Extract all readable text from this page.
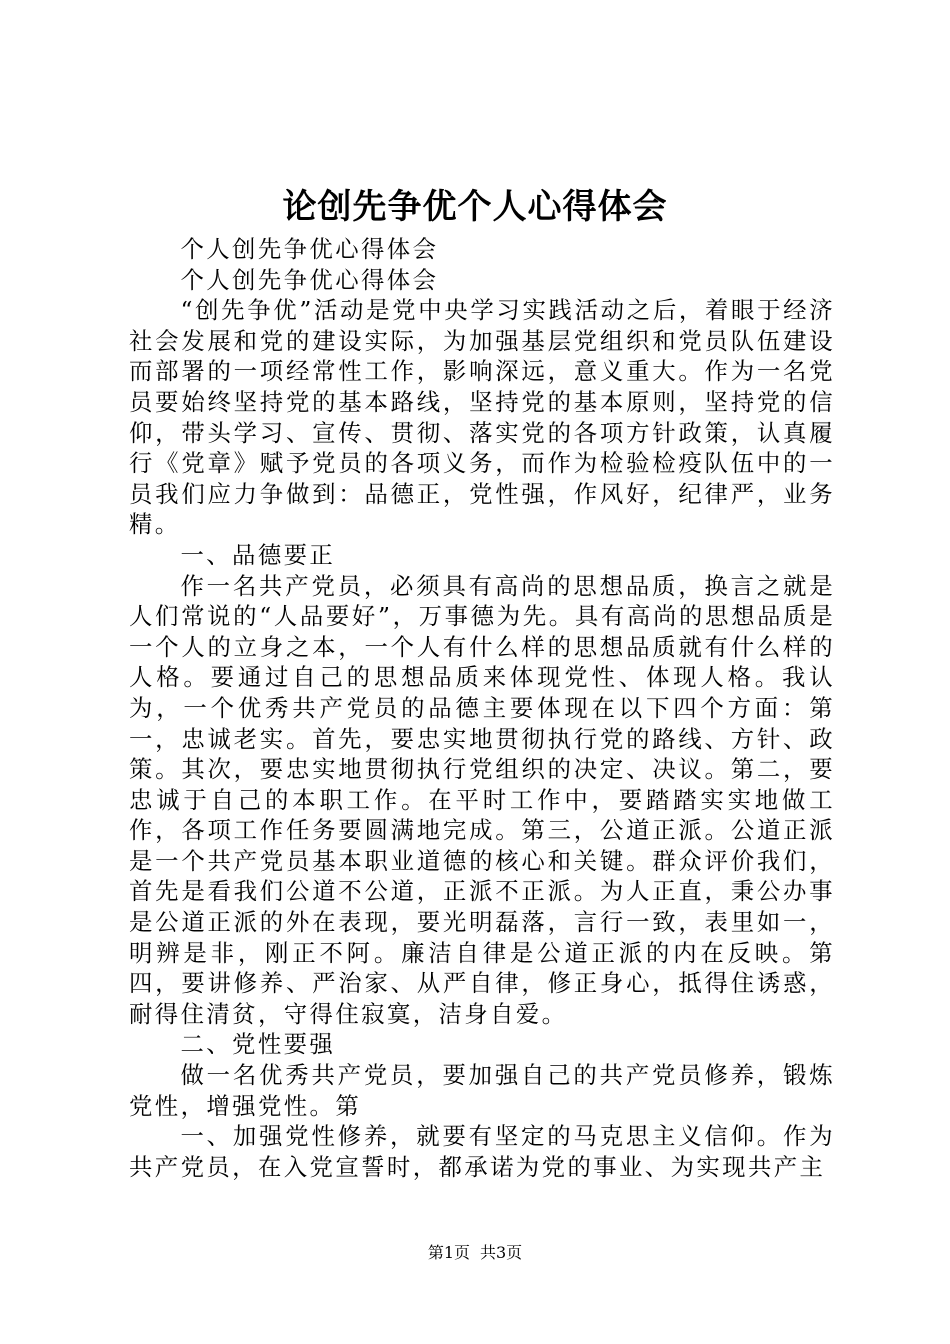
论创先争优个人心得体会

个人创先争优心得体会

个人创先争优心得体会

“创先争优”活动是党中央学习实践活动之后，着眼于经济社会发展和党的建设实际，为加强基层党组织和党员队伍建设而部署的一项经常性工作，影响深远，意义重大。作为一名党员要始终坚持党的基本路线，坚持党的基本原则，坚持党的信仰，带头学习、宣传、贯彻、落实党的各项方针政策，认真履行《党章》赋予党员的各项义务，而作为检验检疫队伍中的一员我们应力争做到：品德正，党性强，作风好，纪律严，业务精。

一、品德要正

作一名共产党员，必须具有高尚的思想品质，换言之就是人们常说的“人品要好”，万事德为先。具有高尚的思想品质是一个人的立身之本，一个人有什么样的思想品质就有什么样的人格。要通过自己的思想品质来体现党性、体现人格。我认为，一个优秀共产党员的品德主要体现在以下四个方面：第一，忠诚老实。首先，要忠实地贯彻执行党的路线、方针、政策。其次，要忠实地贯彻执行党组织的决定、决议。第二，要忠诚于自己的本职工作。在平时工作中，要踏踏实实地做工作，各项工作任务要圆满地完成。第三，公道正派。公道正派是一个共产党员基本职业道德的核心和关键。群众评价我们，首先是看我们公道不公道，正派不正派。为人正直，秉公办事是公道正派的外在表现，要光明磊落，言行一致，表里如一，明辨是非，刚正不阿。廉洁自律是公道正派的内在反映。第四，要讲修养、严治家、从严自律，修正身心，抵得住诱惑，耐得住清贫，守得住寂寞，洁身自爱。

二、党性要强

做一名优秀共产党员，要加强自己的共产党员修养，锻炼党性，增强党性。第

一、加强党性修养，就要有坚定的马克思主义信仰。作为共产党员，在入党宣誓时，都承诺为党的事业、为实现共产主

第1页 共3页
